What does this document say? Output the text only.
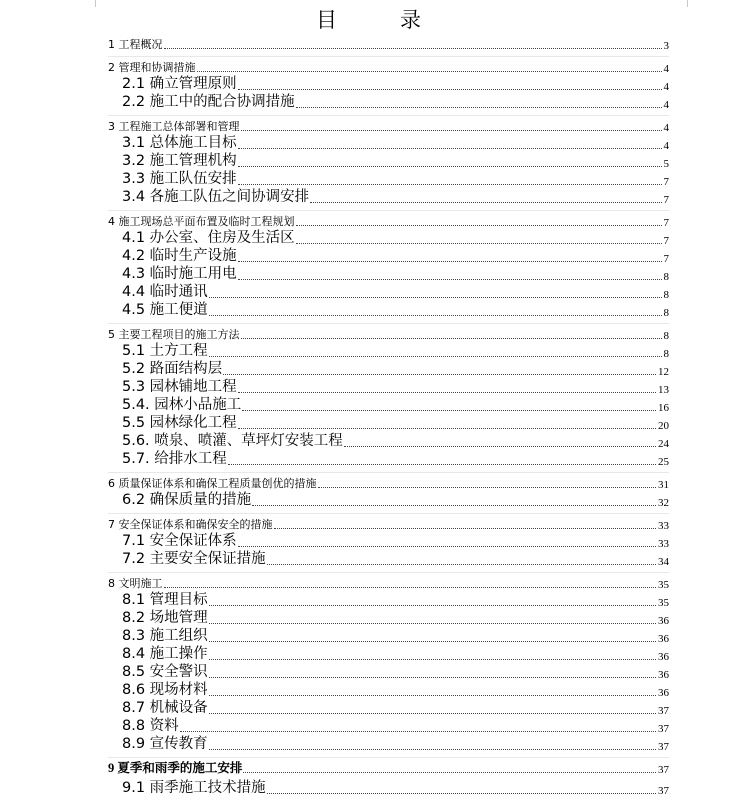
目　　　录
1 工程概况	3
2 管理和协调措施	4
2.1 确立管理原则	4
2.2 施工中的配合协调措施	4
3 工程施工总体部署和管理	4
3.1 总体施工目标	4
3.2 施工管理机构	5
3.3 施工队伍安排	7
3.4 各施工队伍之间协调安排	7
4 施工现场总平面布置及临时工程规划	7
4.1 办公室、住房及生活区	7
4.2 临时生产设施	7
4.3 临时施工用电	8
4.4 临时通讯	8
4.5 施工便道	8
5 主要工程项目的施工方法	8
5.1 土方工程	8
5.2 路面结构层	12
5.3 园林铺地工程	13
5.4. 园林小品施工	16
5.5 园林绿化工程	20
5.6. 喷泉、喷灌、草坪灯安装工程	24
5.7. 给排水工程	25
6 质量保证体系和确保工程质量创优的措施	31
6.2 确保质量的措施	32
7 安全保证体系和确保安全的措施	33
7.1 安全保证体系	33
7.2 主要安全保证措施	34
8 文明施工	35
8.1 管理目标	35
8.2 场地管理	36
8.3 施工组织	36
8.4 施工操作	36
8.5 安全警识	36
8.6 现场材料	36
8.7 机械设备	37
8.8 资料	37
8.9 宣传教育	37
9 夏季和雨季的施工安排	37
9.1 雨季施工技术措施	37
